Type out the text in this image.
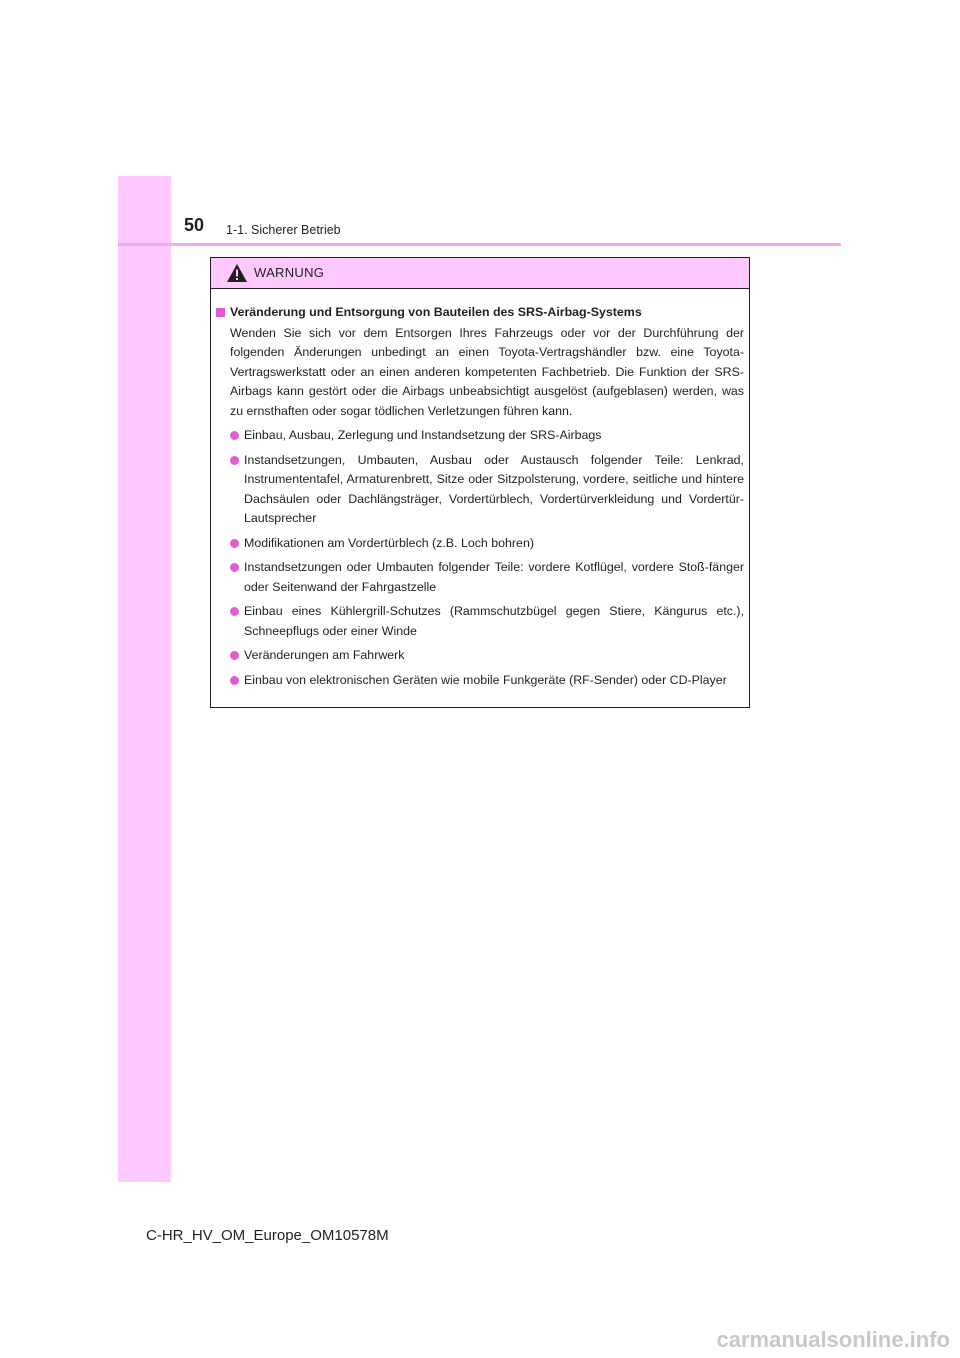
50 1-1. Sicherer Betrieb
WARNUNG
Veränderung und Entsorgung von Bauteilen des SRS-Airbag-Systems
Wenden Sie sich vor dem Entsorgen Ihres Fahrzeugs oder vor der Durchführung der folgenden Änderungen unbedingt an einen Toyota-Vertragshändler bzw. eine Toyota-Vertragswerkstatt oder an einen anderen kompetenten Fachbetrieb. Die Funktion der SRS-Airbags kann gestört oder die Airbags unbeabsichtigt ausgelöst (aufgeblasen) werden, was zu ernsthaften oder sogar tödlichen Verletzungen führen kann.
Einbau, Ausbau, Zerlegung und Instandsetzung der SRS-Airbags
Instandsetzungen, Umbauten, Ausbau oder Austausch folgender Teile: Lenkrad, Instrumententafel, Armaturenbrett, Sitze oder Sitzpolsterung, vordere, seitliche und hintere Dachsäulen oder Dachlängsträger, Vordertürblech, Vordertürverkleidung und Vordertür-Lautsprecher
Modifikationen am Vordertürblech (z.B. Loch bohren)
Instandsetzungen oder Umbauten folgender Teile: vordere Kotflügel, vordere Stoß-fänger oder Seitenwand der Fahrgastzelle
Einbau eines Kühlergrill-Schutzes (Rammschutzbügel gegen Stiere, Kängurus etc.), Schneepflugs oder einer Winde
Veränderungen am Fahrwerk
Einbau von elektronischen Geräten wie mobile Funkgeräte (RF-Sender) oder CD-Player
C-HR_HV_OM_Europe_OM10578M
carmanualsonline.info
